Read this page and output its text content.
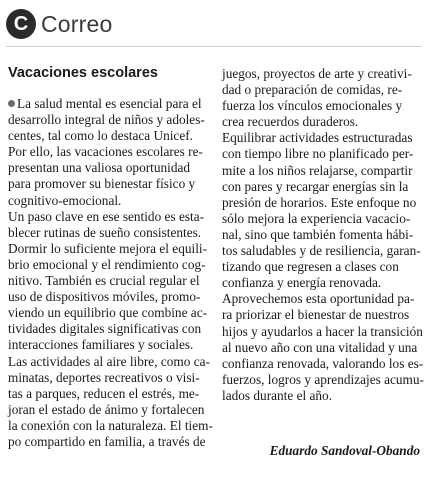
C Correo
Vacaciones escolares
La salud mental es esencial para el
desarrollo integral de niños y adoles-
centes, tal como lo destaca Unicef.
Por ello, las vacaciones escolares re-
presentan una valiosa oportunidad
para promover su bienestar físico y
cognitivo-emocional.
Un paso clave en ese sentido es esta-
blecer rutinas de sueño consistentes.
Dormir lo suficiente mejora el equili-
brio emocional y el rendimiento cog-
nitivo. También es crucial regular el
uso de dispositivos móviles, promo-
viendo un equilibrio que combine ac-
tividades digitales significativas con
interacciones familiares y sociales.
Las actividades al aire libre, como ca-
minatas, deportes recreativos o visi-
tas a parques, reducen el estrés, me-
joran el estado de ánimo y fortalecen
la conexión con la naturaleza. El tiem-
po compartido en familia, a través de
juegos, proyectos de arte y creativi-
dad o preparación de comidas, re-
fuerza los vínculos emocionales y
crea recuerdos duraderos.
Equilibrar actividades estructuradas
con tiempo libre no planificado per-
mite a los niños relajarse, compartir
con pares y recargar energías sin la
presión de horarios. Este enfoque no
sólo mejora la experiencia vacacio-
nal, sino que también fomenta hábi-
tos saludables y de resiliencia, garan-
tizando que regresen a clases con
confianza y energía renovada.
Aprovechemos esta oportunidad pa-
ra priorizar el bienestar de nuestros
hijos y ayudarlos a hacer la transición
al nuevo año con una vitalidad y una
confianza renovada, valorando los es-
fuerzos, logros y aprendizajes acumu-
lados durante el año.
Eduardo Sandoval-Obando
